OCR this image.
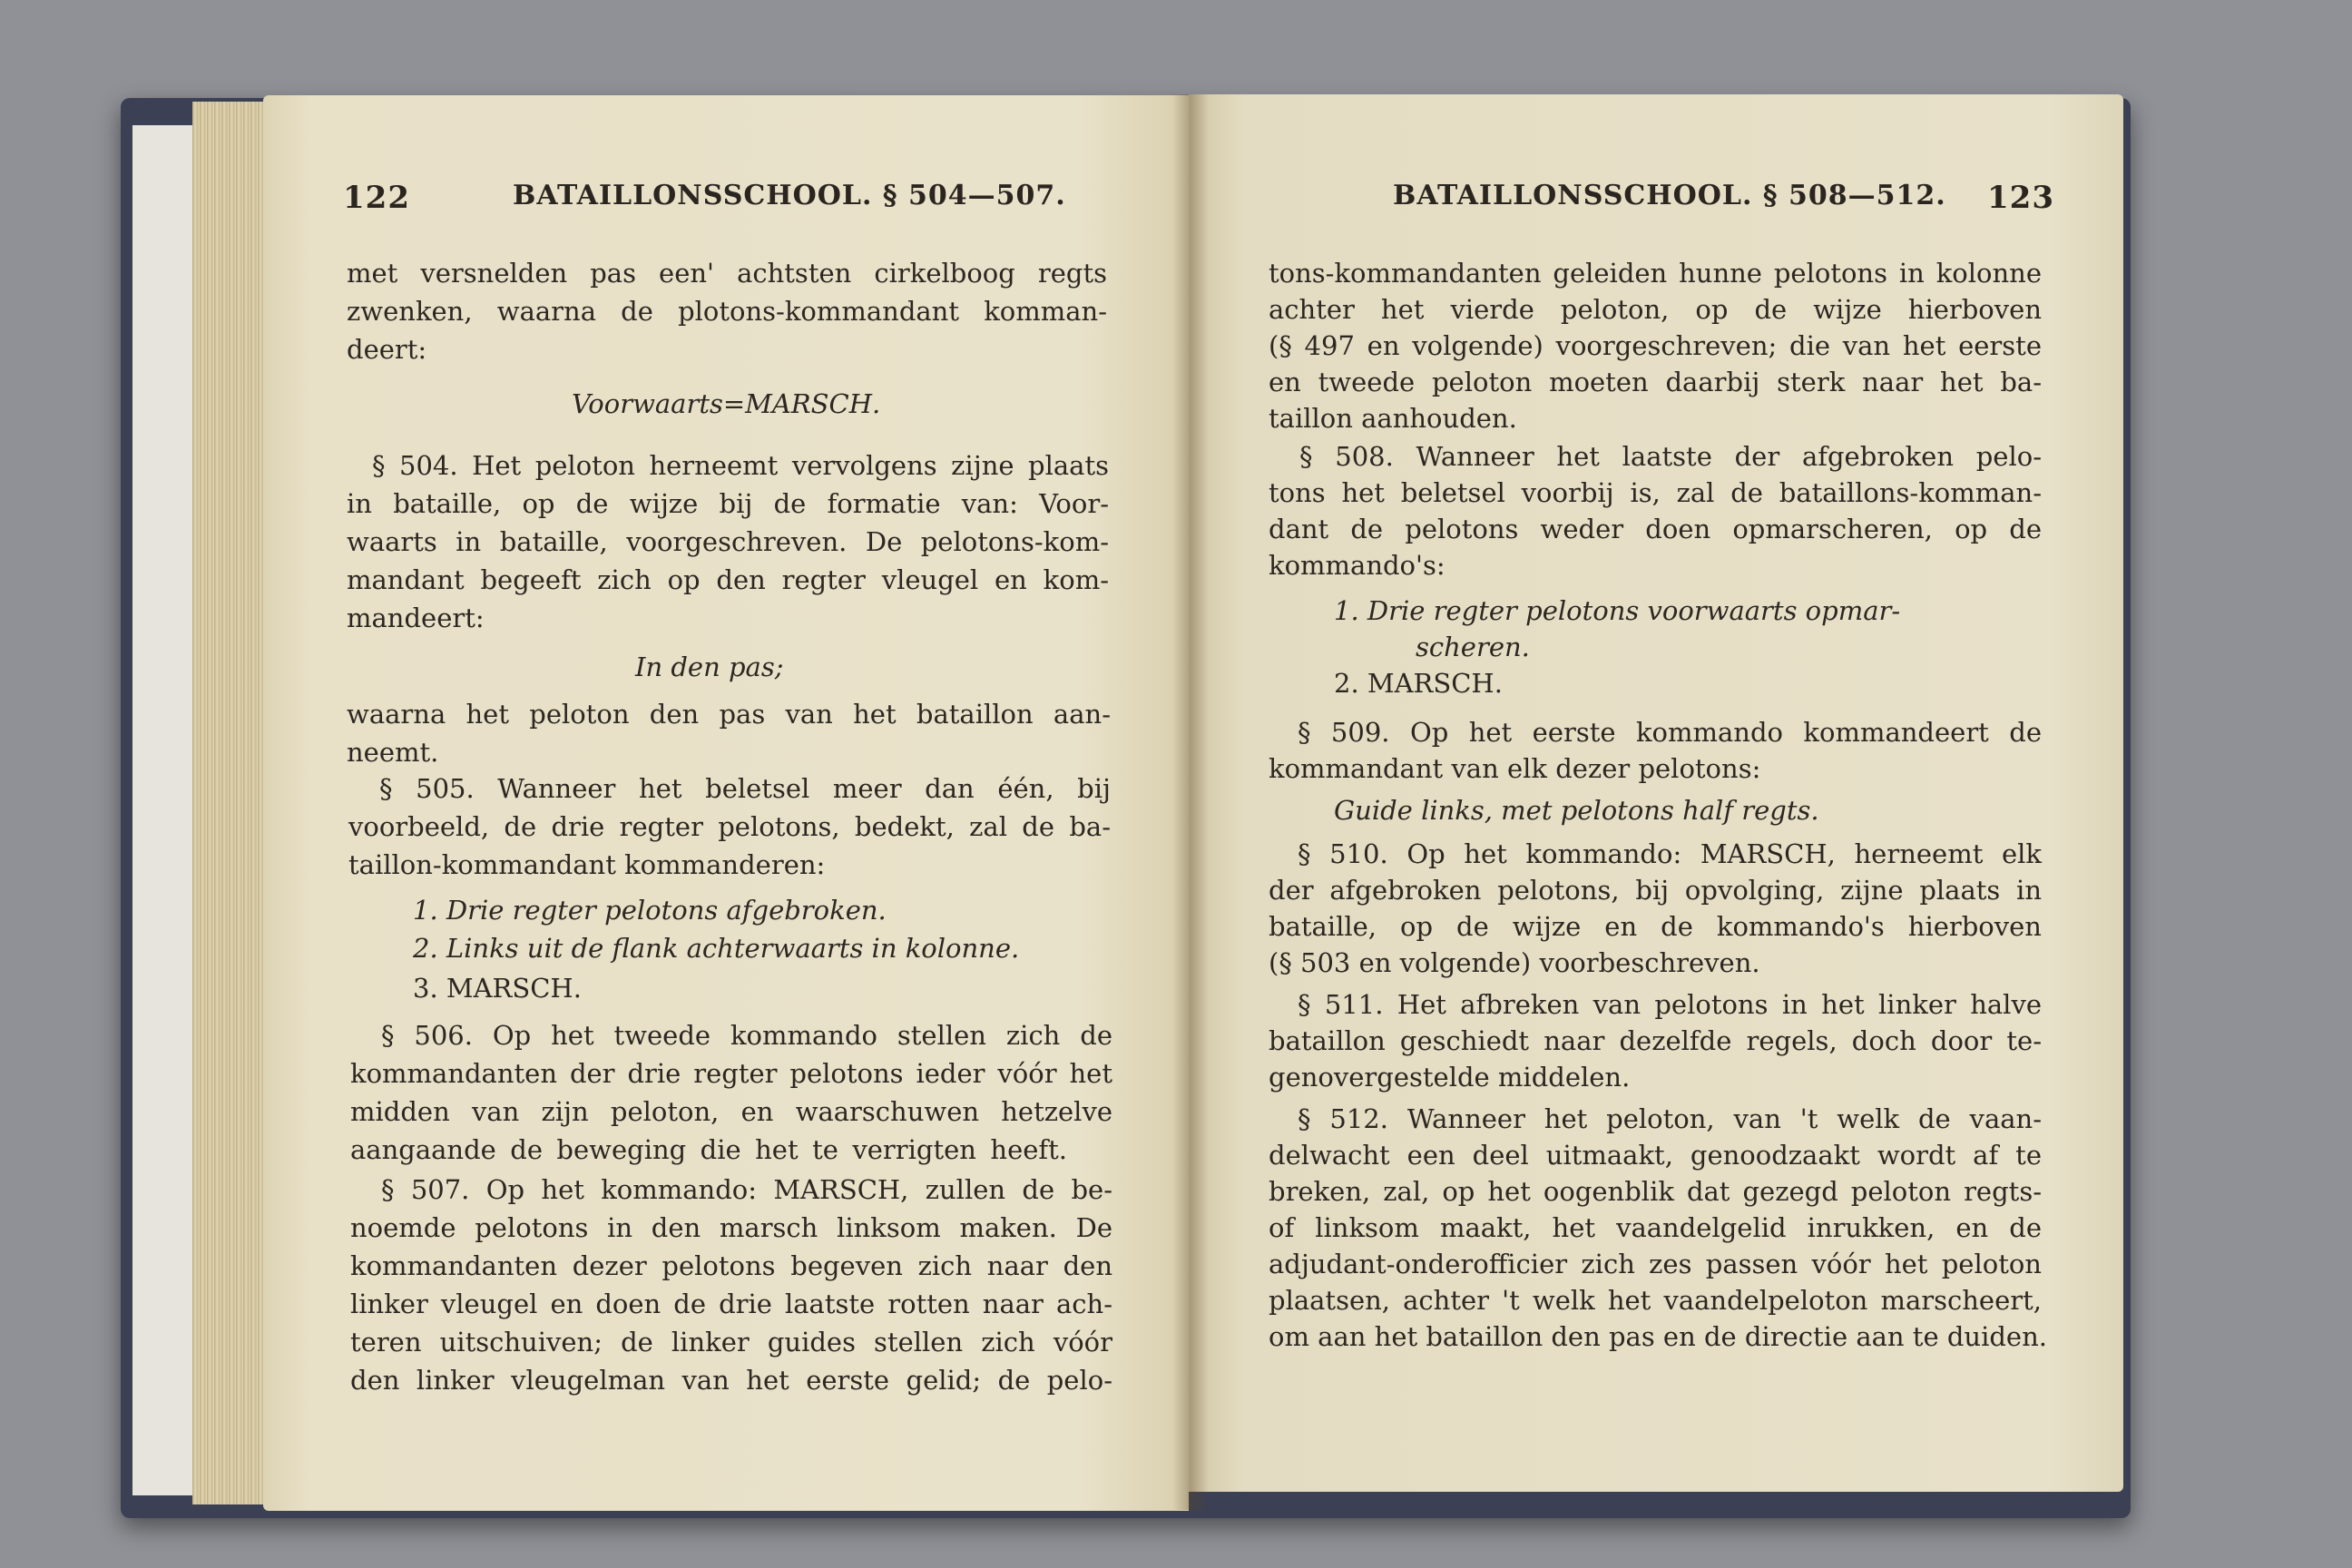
122	BATAILLONSSCHOOL. § 504—507.
met versnelden pas een' achtsten cirkelboog regts
zwenken, waarna de plotons-kommandant komman-
deert:
Voorwaarts=MARSCH.
§ 504. Het peloton herneemt vervolgens zijne plaats
in bataille, op de wijze bij de formatie van: Voor-
waarts in bataille, voorgeschreven. De pelotons-kom-
mandant begeeft zich op den regter vleugel en kom-
mandeert:
In den pas;
waarna het peloton den pas van het bataillon aan-
neemt.
§ 505. Wanneer het beletsel meer dan één, bij
voorbeeld, de drie regter pelotons, bedekt, zal de ba-
taillon-kommandant kommanderen:
1. Drie regter pelotons afgebroken.
2. Links uit de flank achterwaarts in kolonne.
3. MARSCH.
§ 506. Op het tweede kommando stellen zich de
kommandanten der drie regter pelotons ieder vóór het
midden van zijn peloton, en waarschuwen hetzelve
aangaande de beweging die het te verrigten heeft.
§ 507. Op het kommando: MARSCH, zullen de be-
noemde pelotons in den marsch linksom maken. De
kommandanten dezer pelotons begeven zich naar den
linker vleugel en doen de drie laatste rotten naar ach-
teren uitschuiven; de linker guides stellen zich vóór
den linker vleugelman van het eerste gelid; de pelo-
BATAILLONSSCHOOL. § 508—512. 123
tons-kommandanten geleiden hunne pelotons in kolonne
achter het vierde peloton, op de wijze hierboven
(§ 497 en volgende) voorgeschreven; die van het eerste
en tweede peloton moeten daarbij sterk naar het ba-
taillon aanhouden.
§ 508. Wanneer het laatste der afgebroken pelo-
tons het beletsel voorbij is, zal de bataillons-komman-
dant de pelotons weder doen opmarscheren, op de
kommando's:
1. Drie regter pelotons voorwaarts opmar-
scheren.
2. MARSCH.
§ 509. Op het eerste kommando kommandeert de
kommandant van elk dezer pelotons:
Guide links, met pelotons half regts.
§ 510. Op het kommando: MARSCH, herneemt elk
der afgebroken pelotons, bij opvolging, zijne plaats in
bataille, op de wijze en de kommando's hierboven
(§ 503 en volgende) voorbeschreven.
§ 511. Het afbreken van pelotons in het linker halve
bataillon geschiedt naar dezelfde regels, doch door te-
genovergestelde middelen.
§ 512. Wanneer het peloton, van 't welk de vaan-
delwacht een deel uitmaakt, genoodzaakt wordt af te
breken, zal, op het oogenblik dat gezegd peloton regts-
of linksom maakt, het vaandelgelid inrukken, en de
adjudant-onderofficier zich zes passen vóór het peloton
plaatsen, achter 't welk het vaandelpeloton marscheert,
om aan het bataillon den pas en de directie aan te duiden.
